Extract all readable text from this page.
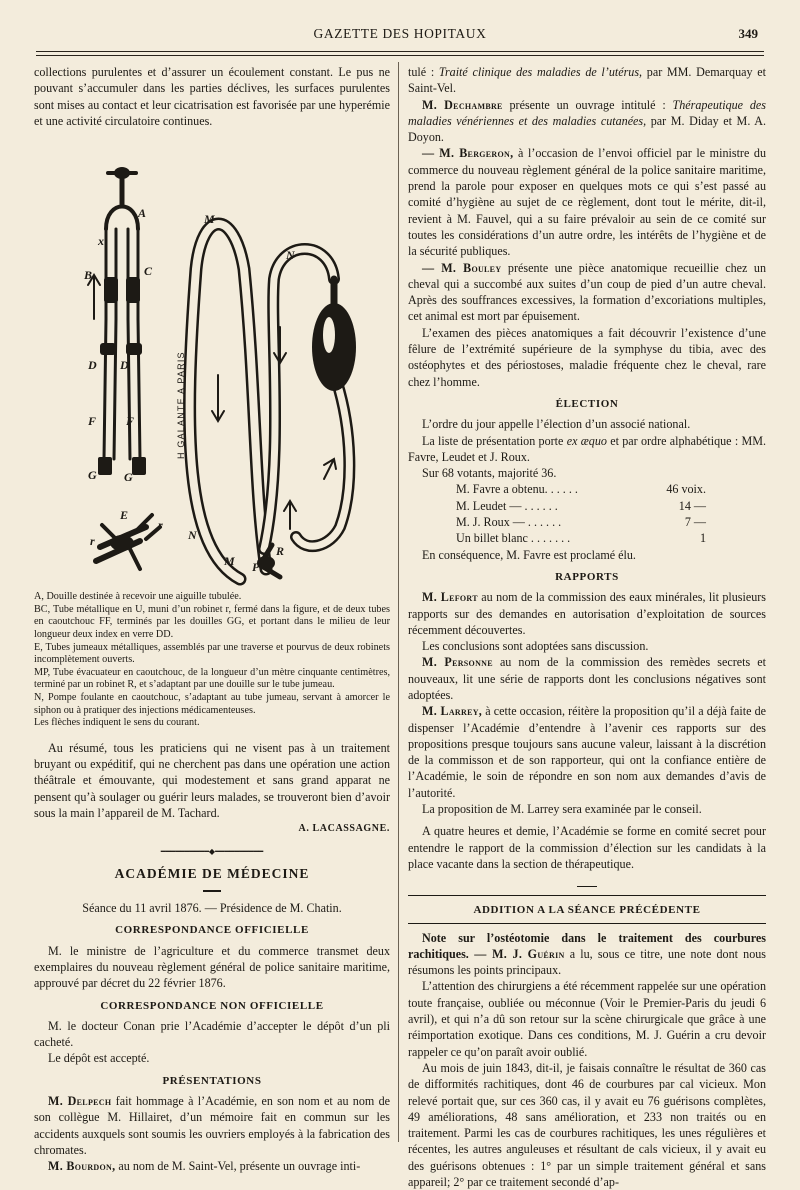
GAZETTE DES HOPITAUX	349

collections purulentes et d’assurer un écoulement constant. Le pus ne pouvant s’accumuler dans les parties déclives, les surfaces purulentes sont mises au contact et leur cicatrisation est favorisée par une hyperémie et une activité circulatoire continues.

H GALANTE A PARIS
A	M
N
C
B
x
D D
F F
G G
E
r
r	N
M P
R

A, Douille destinée à recevoir une aiguille tubulée.

BC, Tube métallique en U, muni d’un robinet r, fermé dans la figure, et de deux tubes en caoutchouc FF, terminés par les douilles GG, et portant dans le milieu de leur longueur deux index en verre DD.

E, Tubes jumeaux métalliques, assemblés par une traverse et pourvus de deux robinets incomplètement ouverts.

MP, Tube évacuateur en caoutchouc, de la longueur d’un mètre cinquante centimètres, terminé par un robinet R, et s’adaptant par une douille sur le tube jumeau.

N, Pompe foulante en caoutchouc, s’adaptant au tube jumeau, servant à amorcer le siphon ou à pratiquer des injections médicamenteuses.

Les flèches indiquent le sens du courant.

Au résumé, tous les praticiens qui ne visent pas à un traitement bruyant ou expéditif, qui ne cherchent pas dans une opération une action théâtrale et émouvante, qui modestement et sans grand apparat ne pensent qu’à soulager ou guérir leurs malades, se trouveront bien d’avoir sous la main l’appareil de M. Tachard.

A. LACASSAGNE.

━━━━━━━━━━◆━━━━━━━━━━

ACADÉMIE DE MÉDECINE

Séance du 11 avril 1876. — Présidence de M. Chatin.

CORRESPONDANCE OFFICIELLE

M. le ministre de l’agriculture et du commerce transmet deux exemplaires du nouveau règlement général de police sanitaire maritime, approuvé par décret du 22 février 1876.

CORRESPONDANCE NON OFFICIELLE

M. le docteur Conan prie l’Académie d’accepter le dépôt d’un pli cacheté.

Le dépôt est accepté.

PRÉSENTATIONS

M. Delpech fait hommage à l’Académie, en son nom et au nom de son collègue M. Hillairet, d’un mémoire fait en commun sur les accidents auxquels sont soumis les ouvriers employés à la fabrication des chromates.

M. Bourdon, au nom de M. Saint-Vel, présente un ouvrage inti-

tulé : Traité clinique des maladies de l’utérus, par MM. Demarquay et Saint-Vel.

M. Dechambre présente un ouvrage intitulé : Thérapeutique des maladies vénériennes et des maladies cutanées, par M. Diday et M. A. Doyon.

— M. Bergeron, à l’occasion de l’envoi officiel par le ministre du commerce du nouveau règlement général de la police sanitaire maritime, prend la parole pour exposer en quelques mots ce qui s’est passé au comité d’hygiène au sujet de ce règlement, dont tout le mérite, dit-il, revient à M. Fauvel, qui a su faire prévaloir au sein de ce comité sur toutes les considérations d’un autre ordre, les intérêts de l’hygiène et de la sécurité publiques.

— M. Bouley présente une pièce anatomique recueillie chez un cheval qui a succombé aux suites d’un coup de pied d’un autre cheval. Après des souffrances excessives, la formation d’excoriations multiples, cet animal est mort par épuisement.

L’examen des pièces anatomiques a fait découvrir l’existence d’une fêlure de l’extrémité supérieure de la symphyse du tibia, avec des ostéophytes et des périostoses, maladie fréquente chez le cheval, rare chez l’homme.

ÉLECTION

L’ordre du jour appelle l’élection d’un associé national.

La liste de présentation porte ex æquo et par ordre alphabétique : MM. Favre, Leudet et J. Roux.

Sur 68 votants, majorité 36.

M. Favre a obtenu. . . . . .	46 voix.
M. Leudet — . . . . . .	14 —
M. J. Roux — . . . . . .	7 —
Un billet blanc . . . . . . .	1

En conséquence, M. Favre est proclamé élu.

RAPPORTS

M. Lefort au nom de la commission des eaux minérales, lit plusieurs rapports sur des demandes en autorisation d’exploitation de sources récemment découvertes.

Les conclusions sont adoptées sans discussion.

M. Personne au nom de la commission des remèdes secrets et nouveaux, lit une série de rapports dont les conclusions négatives sont adoptées.

M. Larrey, à cette occasion, réitère la proposition qu’il a déjà faite de dispenser l’Académie d’entendre à l’avenir ces rapports sur des propositions presque toujours sans aucune valeur, laissant à la discrétion de la commisson et de son rapporteur, qui ont la confiance entière de l’Académie, le soin de répondre en son nom aux demandes d’avis de l’autorité.

La proposition de M. Larrey sera examinée par le conseil.

A quatre heures et demie, l’Académie se forme en comité secret pour entendre le rapport de la commission d’élection sur les candidats à la place vacante dans la section de thérapeutique.

ADDITION A LA SÉANCE PRÉCÉDENTE

Note sur l’ostéotomie dans le traitement des courbures rachitiques. — M. J. Guérin a lu, sous ce titre, une note dont nous résumons les points principaux.

L’attention des chirurgiens a été récemment rappelée sur une opération toute française, oubliée ou méconnue (Voir le Premier-Paris du jeudi 6 avril), et qui n’a dû son retour sur la scène chirurgicale que grâce à une réimportation exotique. Dans ces conditions, M. J. Guérin a cru devoir rappeler ce qu’on paraît avoir oublié.

Au mois de juin 1843, dit-il, je faisais connaître le résultat de 360 cas de difformités rachitiques, dont 46 de courbures par cal vicieux. Mon relevé portait que, sur ces 360 cas, il y avait eu 76 guérisons complètes, 49 améliorations, 48 sans amélioration, et 233 non traités ou en traitement. Parmi les cas de courbures rachitiques, les unes régulières et récentes, les autres anguleuses et résultant de cals vicieux, il y avait eu des guérisons obtenues : 1° par un simple traitement général et sans appareil; 2° par ce traitement secondé d’ap-
